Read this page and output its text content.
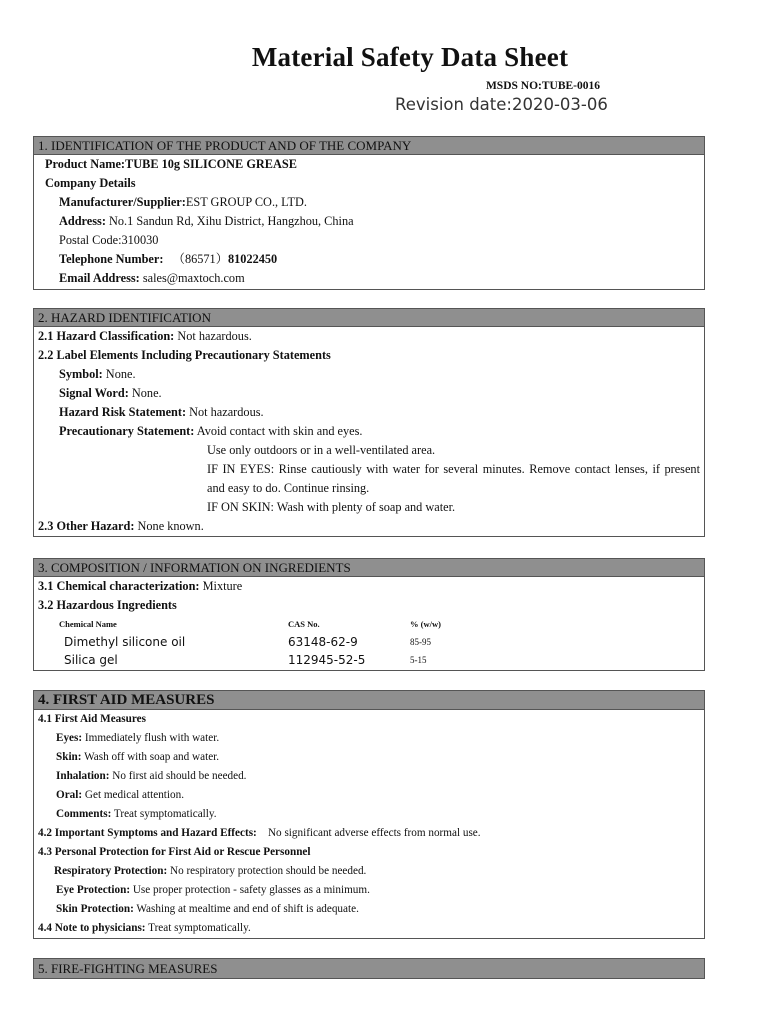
Material Safety Data Sheet
MSDS NO:TUBE-0016
Revision date:2020-03-06
1. IDENTIFICATION OF THE PRODUCT AND OF THE COMPANY
Product Name:TUBE 10g SILICONE GREASE
Company Details
Manufacturer/Supplier:EST GROUP CO., LTD.
Address: No.1 Sandun Rd, Xihu District, Hangzhou, China
Postal Code:310030
Telephone Number: （86571）81022450
Email Address: sales@maxtoch.com
2. HAZARD IDENTIFICATION
2.1 Hazard Classification: Not hazardous.
2.2 Label Elements Including Precautionary Statements
Symbol: None.
Signal Word: None.
Hazard Risk Statement: Not hazardous.
Precautionary Statement: Avoid contact with skin and eyes.
Use only outdoors or in a well-ventilated area.
IF IN EYES: Rinse cautiously with water for several minutes. Remove contact lenses, if present and easy to do. Continue rinsing.
IF ON SKIN: Wash with plenty of soap and water.
2.3 Other Hazard: None known.
3. COMPOSITION / INFORMATION ON INGREDIENTS
3.1 Chemical characterization: Mixture
3.2 Hazardous Ingredients
Chemical Name	CAS No.	% (w/w)
Dimethyl silicone oil	63148-62-9	85-95
Silica gel	112945-52-5	5-15
4. FIRST AID MEASURES
4.1 First Aid Measures
Eyes: Immediately flush with water.
Skin: Wash off with soap and water.
Inhalation: No first aid should be needed.
Oral: Get medical attention.
Comments: Treat symptomatically.
4.2 Important Symptoms and Hazard Effects: No significant adverse effects from normal use.
4.3 Personal Protection for First Aid or Rescue Personnel
Respiratory Protection: No respiratory protection should be needed.
Eye Protection: Use proper protection - safety glasses as a minimum.
Skin Protection: Washing at mealtime and end of shift is adequate.
4.4 Note to physicians: Treat symptomatically.
5. FIRE-FIGHTING MEASURES
